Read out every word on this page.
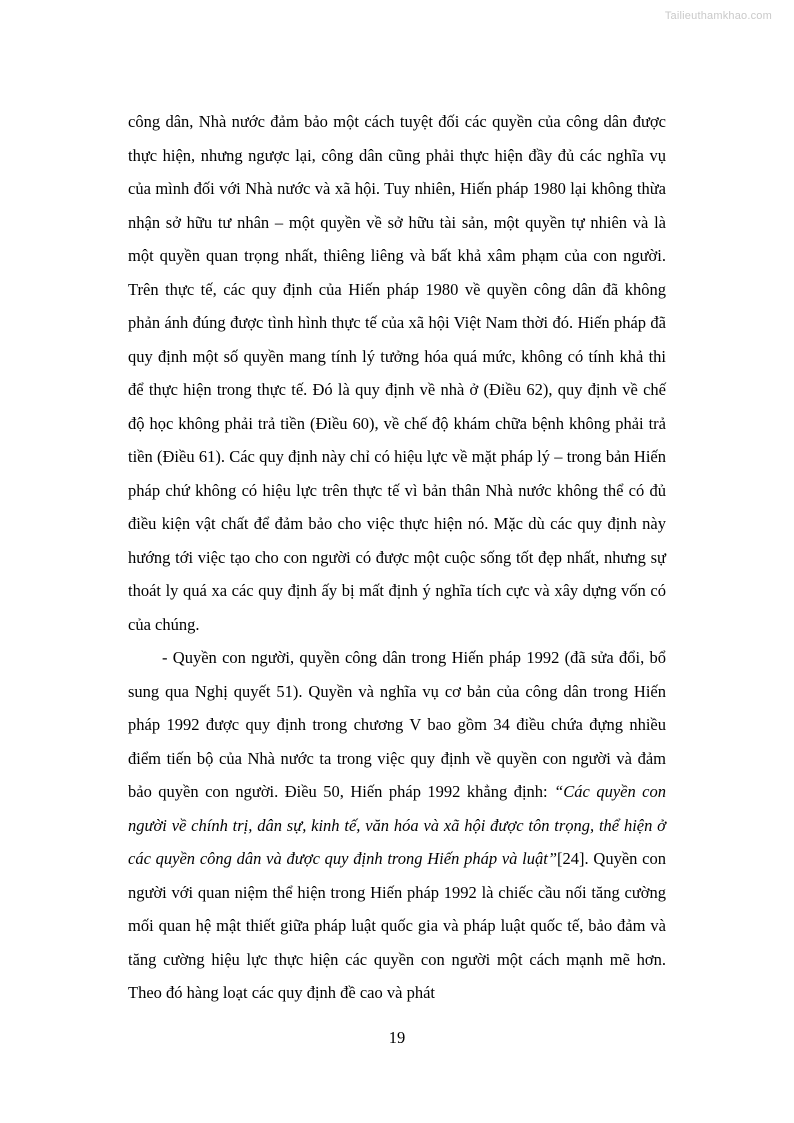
Tailieuthamkhao.com

công dân, Nhà nước đảm bảo một cách tuyệt đối các quyền của công dân được thực hiện, nhưng ngược lại, công dân cũng phải thực hiện đầy đủ các nghĩa vụ của mình đối với Nhà nước và xã hội. Tuy nhiên, Hiến pháp 1980 lại không thừa nhận sở hữu tư nhân – một quyền về sở hữu tài sản, một quyền tự nhiên và là một quyền quan trọng nhất, thiêng liêng và bất khả xâm phạm của con người. Trên thực tế, các quy định của Hiến pháp 1980 về quyền công dân đã không phản ánh đúng được tình hình thực tế của xã hội Việt Nam thời đó. Hiến pháp đã quy định một số quyền mang tính lý tưởng hóa quá mức, không có tính khả thi để thực hiện trong thực tế. Đó là quy định về nhà ở (Điều 62), quy định về chế độ học không phải trả tiền (Điều 60), về chế độ khám chữa bệnh không phải trả tiền (Điều 61). Các quy định này chỉ có hiệu lực về mặt pháp lý – trong bản Hiến pháp chứ không có hiệu lực trên thực tế vì bản thân Nhà nước không thể có đủ điều kiện vật chất để đảm bảo cho việc thực hiện nó. Mặc dù các quy định này hướng tới việc tạo cho con người có được một cuộc sống tốt đẹp nhất, nhưng sự thoát ly quá xa các quy định ấy bị mất định ý nghĩa tích cực và xây dựng vốn có của chúng.

- Quyền con người, quyền công dân trong Hiến pháp 1992 (đã sửa đổi, bổ sung qua Nghị quyết 51). Quyền và nghĩa vụ cơ bản của công dân trong Hiến pháp 1992 được quy định trong chương V bao gồm 34 điều chứa đựng nhiều điểm tiến bộ của Nhà nước ta trong việc quy định về quyền con người và đảm bảo quyền con người. Điều 50, Hiến pháp 1992 khẳng định: “Các quyền con người về chính trị, dân sự, kinh tế, văn hóa và xã hội được tôn trọng, thể hiện ở các quyền công dân và được quy định trong Hiến pháp và luật”[24]. Quyền con người với quan niệm thể hiện trong Hiến pháp 1992 là chiếc cầu nối tăng cường mối quan hệ mật thiết giữa pháp luật quốc gia và pháp luật quốc tế, bảo đảm và tăng cường hiệu lực thực hiện các quyền con người một cách mạnh mẽ hơn. Theo đó hàng loạt các quy định đề cao và phát

19
